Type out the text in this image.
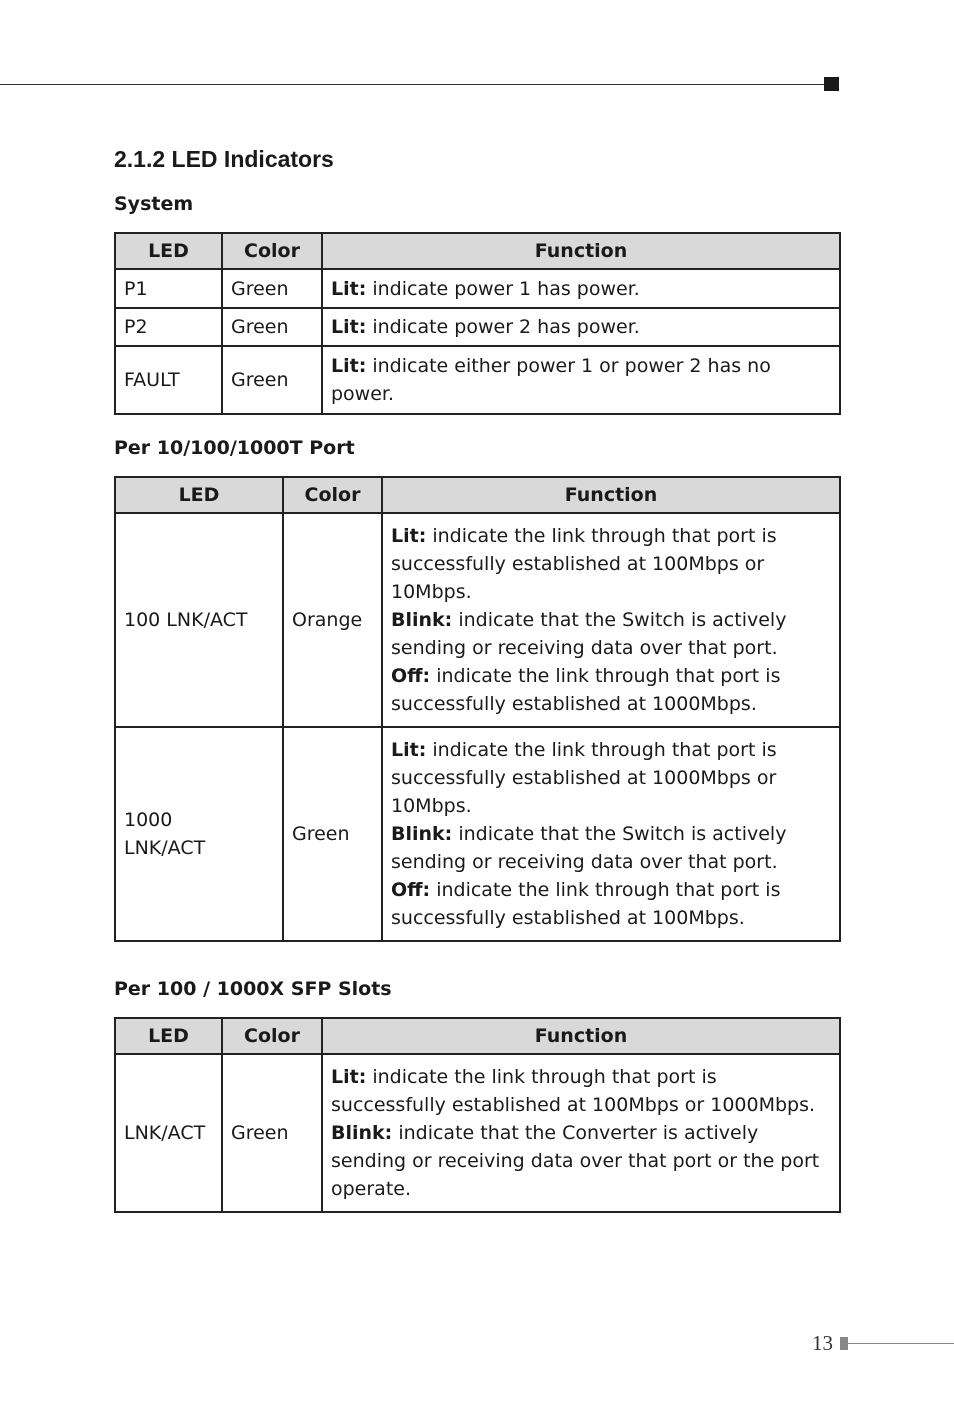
2.1.2 LED Indicators
System
LED	Color	Function
P1	Green	Lit: indicate power 1 has power.

P2	Green	Lit: indicate power 2 has power.

FAULT	Green	Lit: indicate either power 1 or power 2 has no power.
Per 10/100/1000T Port
LED	Color	Function
100 LNK/ACT	Orange	Lit: indicate the link through that port is successfully established at 100Mbps or 10Mbps.
Blink: indicate that the Switch is actively sending or receiving data over that port.
Off: indicate the link through that port is successfully established at 1000Mbps.

1000 LNK/ACT	Green	Lit: indicate the link through that port is successfully established at 1000Mbps or 10Mbps.
Blink: indicate that the Switch is actively sending or receiving data over that port.
Off: indicate the link through that port is successfully established at 100Mbps.
Per 100 / 1000X SFP Slots
LED	Color	Function
LNK/ACT	Green	Lit: indicate the link through that port is successfully established at 100Mbps or 1000Mbps.
Blink: indicate that the Converter is actively sending or receiving data over that port or the port operate.
13
